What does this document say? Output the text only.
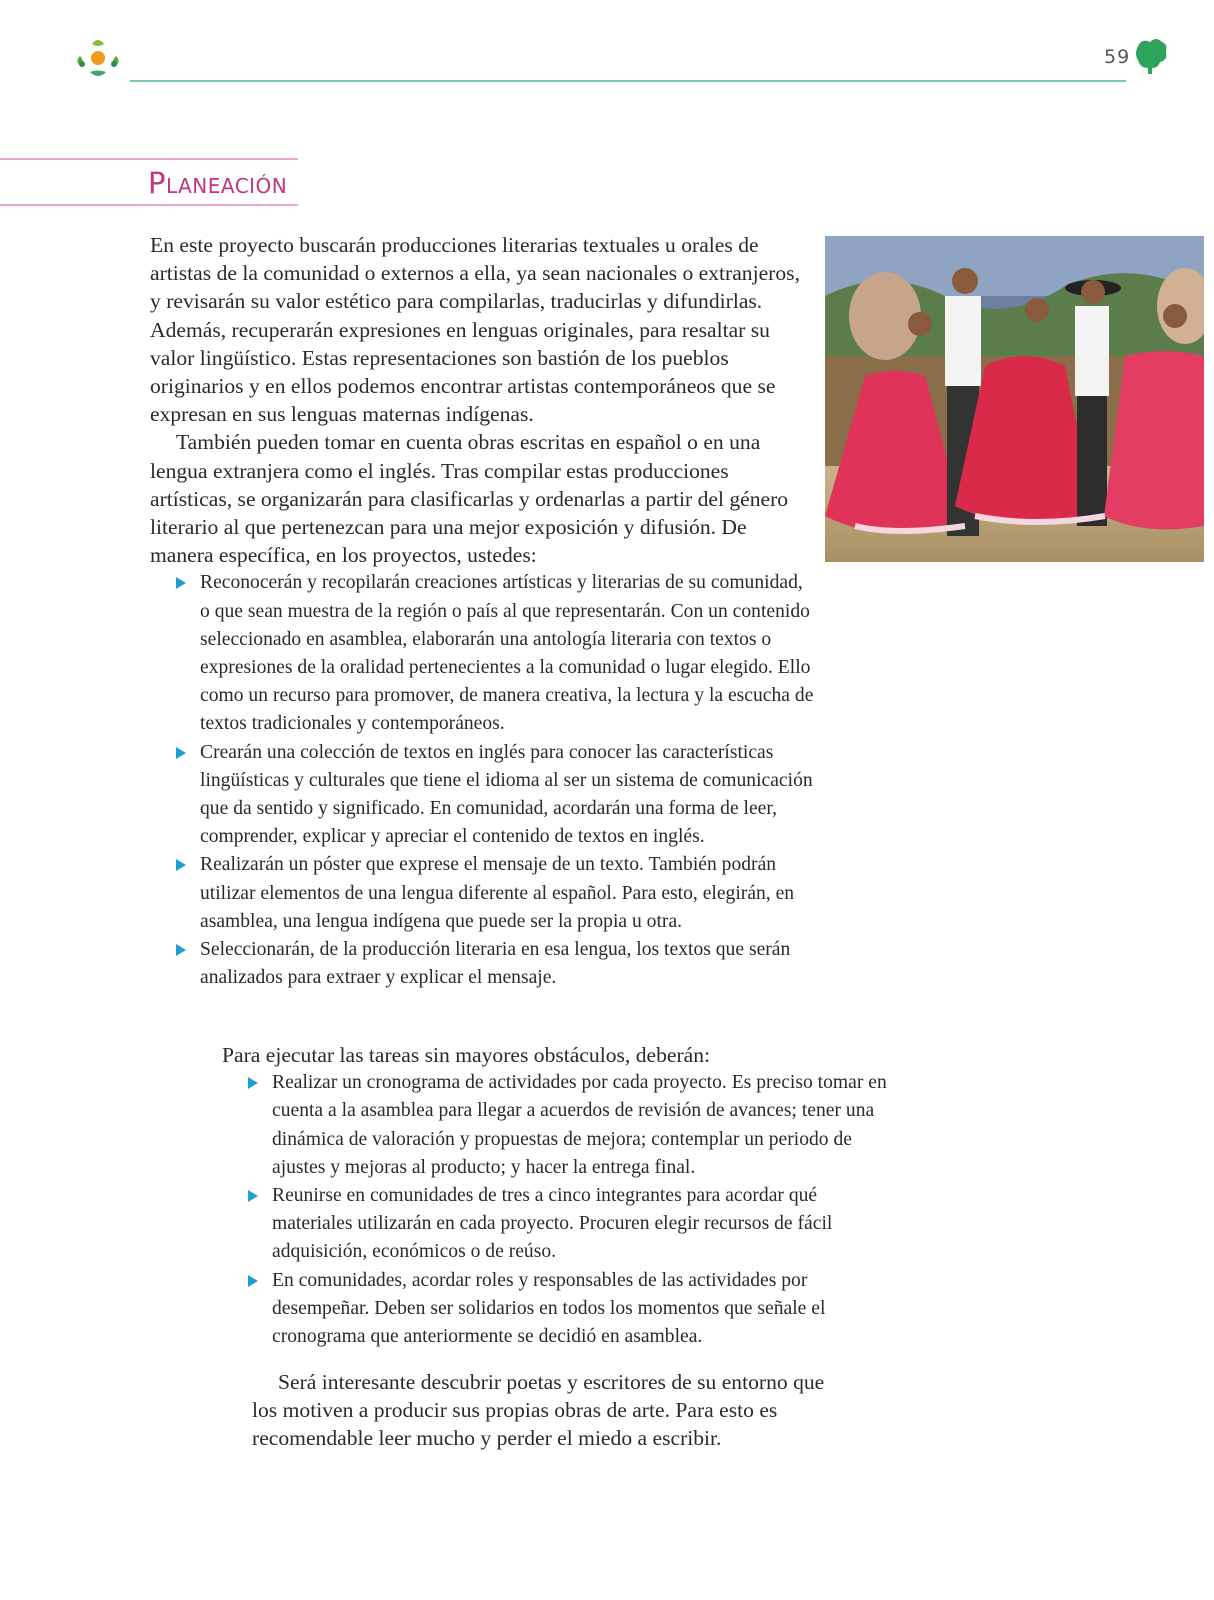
59
Planeación

En este proyecto buscarán producciones literarias textuales u orales de artistas de la comunidad o externos a ella, ya sean nacionales o extranjeros, y revisarán su valor estético para compilarlas, traducirlas y difundirlas. Además, recuperarán expresiones en lenguas originales, para resaltar su valor lingüístico. Estas representaciones son bastión de los pueblos originarios y en ellos podemos encontrar artistas contemporáneos que se expresan en sus lenguas maternas indígenas.

También pueden tomar en cuenta obras escritas en español o en una lengua extranjera como el inglés. Tras compilar estas producciones artísticas, se organizarán para clasificarlas y ordenarlas a partir del género literario al que pertenezcan para una mejor exposición y difusión. De manera específica, en los proyectos, ustedes:

Reconocerán y recopilarán creaciones artísticas y literarias de su comunidad, o que sean muestra de la región o país al que representarán. Con un contenido seleccionado en asamblea, elaborarán una antología literaria con textos o expresiones de la oralidad pertenecientes a la comunidad o lugar elegido. Ello como un recurso para promover, de manera creativa, la lectura y la escucha de textos tradicionales y contemporáneos.
Crearán una colección de textos en inglés para conocer las características lingüísticas y culturales que tiene el idioma al ser un sistema de comunicación que da sentido y significado. En comunidad, acordarán una forma de leer, comprender, explicar y apreciar el contenido de textos en inglés.
Realizarán un póster que exprese el mensaje de un texto. También podrán utilizar elementos de una lengua diferente al español. Para esto, elegirán, en asamblea, una lengua indígena que puede ser la propia u otra.
Seleccionarán, de la producción literaria en esa lengua, los textos que serán analizados para extraer y explicar el mensaje.

Para ejecutar las tareas sin mayores obstáculos, deberán:

Realizar un cronograma de actividades por cada proyecto. Es preciso tomar en cuenta a la asamblea para llegar a acuerdos de revisión de avances; tener una dinámica de valoración y propuestas de mejora; contemplar un periodo de ajustes y mejoras al producto; y hacer la entrega final.
Reunirse en comunidades de tres a cinco integrantes para acordar qué materiales utilizarán en cada proyecto. Procuren elegir recursos de fácil adquisición, económicos o de reúso.
En comunidades, acordar roles y responsables de las actividades por desempeñar. Deben ser solidarios en todos los momentos que señale el cronograma que anteriormente se decidió en asamblea.

Será interesante descubrir poetas y escritores de su entorno que los motiven a producir sus propias obras de arte. Para esto es recomendable leer mucho y perder el miedo a escribir.
